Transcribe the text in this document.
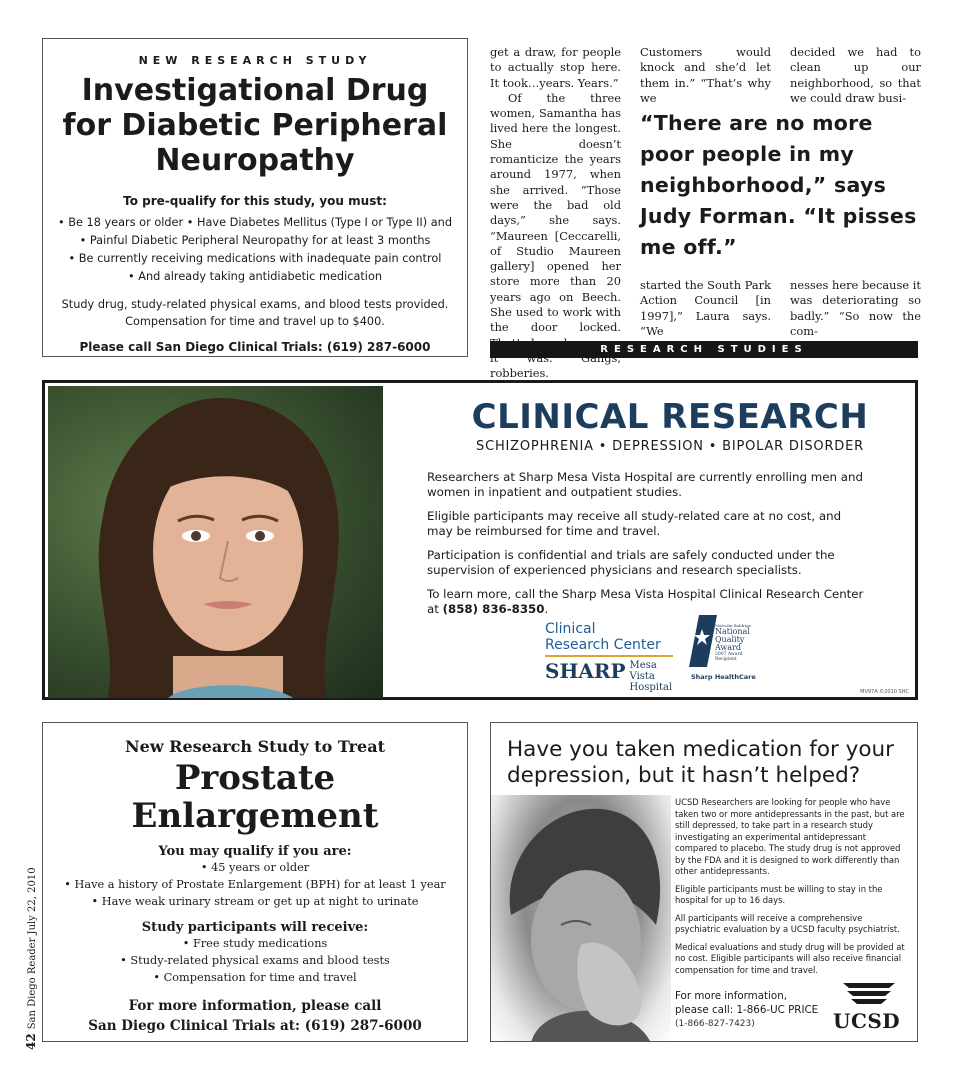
NEW RESEARCH STUDY
Investigational Drug for Diabetic Peripheral Neuropathy
To pre-qualify for this study, you must:
• Be 18 years or older • Have Diabetes Mellitus (Type I or Type II) and
• Painful Diabetic Peripheral Neuropathy for at least 3 months
• Be currently receiving medications with inadequate pain control
• And already taking antidiabetic medication
Study drug, study-related physical exams, and blood tests provided. Compensation for time and travel up to $400.
Please call San Diego Clinical Trials: (619) 287-6000

get a draw, for people to actually stop here. It took…years. Years.”

Of the three women, Samantha has lived here the longest. She doesn’t romanticize the years around 1977, when she arrived. “Those were the bad old days,” she says. “Maureen [Ceccarelli, of Studio Maureen gallery] opened her store more than 20 years ago on Beech. She used to work with the door locked. robberies.

Customers would knock and she’d let them in.” “That’s why we
decided we had to clean up our neighborhood, so that we could draw busi-
“There are no more poor people in my neighborhood,” says Judy Forman. “It pisses me off.”
started the South Park Action Council [in 1997],” Laura says. “We
nesses here because it was deteriorating so badly.” “So now the com-
RESEARCH STUDIES
CLINICAL RESEARCH
SCHIZOPHRENIA • DEPRESSION • BIPOLAR DISORDER
Researchers at Sharp Mesa Vista Hospital are currently enrolling men and women in inpatient and outpatient studies.
Eligible participants may receive all study-related care at no cost, and may be reimbursed for time and travel.
Participation is confidential and trials are safely conducted under the supervision of experienced physicians and research specialists.
To learn more, call the Sharp Mesa Vista Hospital Clinical Research Center at (858) 836-8350.
Clinical
Research Center
SHARP Mesa Vista
Hospital
Malcolm Baldrige
National
Quality
Award
2007 Award Recipient
Sharp HealthCare
MV97A ©2010 SHC
New Research Study to Treat
Prostate
Enlargement
You may qualify if you are:
• 45 years or older
• Have a history of Prostate Enlargement (BPH) for at least 1 year
• Have weak urinary stream or get up at night to urinate
Study participants will receive:
• Free study medications
• Study-related physical exams and blood tests
• Compensation for time and travel
For more information, please call
San Diego Clinical Trials at: (619) 287-6000
Have you taken medication for your depression, but it hasn’t helped?

UCSD Researchers are looking for people who have taken two or more antidepressants in the past, but are still depressed, to take part in a research study investigating an experimental antidepressant compared to placebo. The study drug is not approved by the FDA and it is designed to work differently than other antidepressants.

Eligible participants must be willing to stay in the hospital for up to 16 days.

All participants will receive a comprehensive psychiatric evaluation by a UCSD faculty psychiatrist.

Medical evaluations and study drug will be provided at no cost. Eligible participants will also receive financial compensation for time and travel.

For more information,
please call: 1-866-UC PRICE
(1-866-827-7423)	UCSD
42San Diego Reader July 22, 2010
